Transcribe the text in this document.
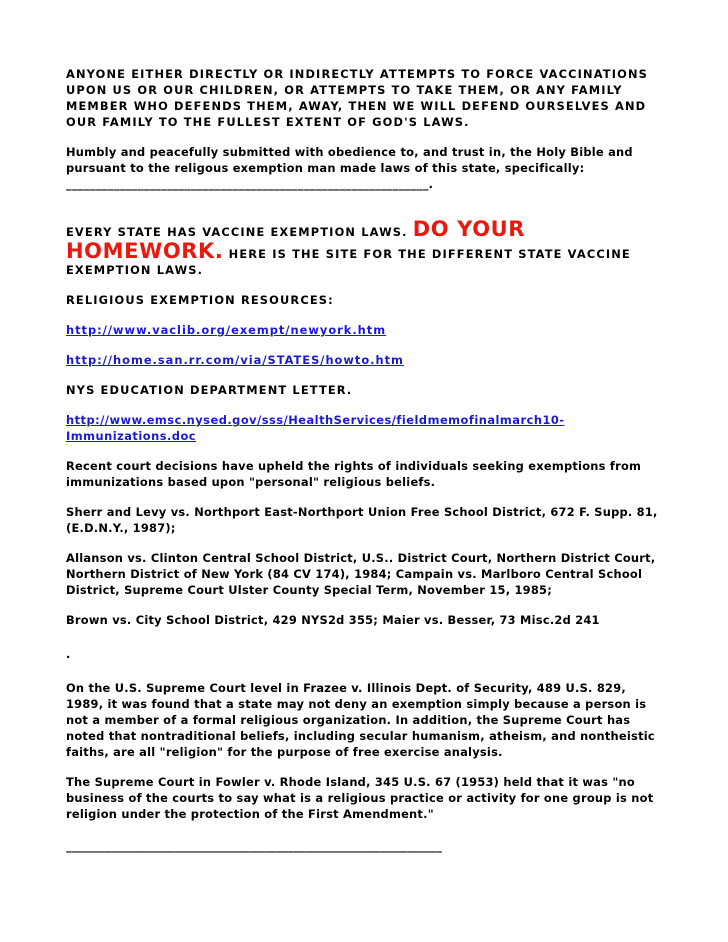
ANYONE EITHER DIRECTLY OR INDIRECTLY ATTEMPTS TO FORCE VACCINATIONS UPON US OR OUR CHILDREN, OR ATTEMPTS TO TAKE THEM, OR ANY FAMILY MEMBER WHO DEFENDS THEM, AWAY, THEN WE WILL DEFEND OURSELVES AND OUR FAMILY TO THE FULLEST EXTENT OF GOD'S LAWS.

Humbly and peacefully submitted with obedience to, and trust in, the Holy Bible and pursuant to the religous exemption man made laws of this state, specifically:
_____________________________________________________________.

EVERY STATE HAS VACCINE EXEMPTION LAWS. DO YOUR
HOMEWORK. HERE IS THE SITE FOR THE DIFFERENT STATE VACCINE EXEMPTION LAWS.

RELIGIOUS EXEMPTION RESOURCES:

http://www.vaclib.org/exempt/newyork.htm

http://home.san.rr.com/via/STATES/howto.htm

NYS EDUCATION DEPARTMENT LETTER.

http://www.emsc.nysed.gov/sss/HealthServices/fieldmemofinalmarch10-
Immunizations.doc

Recent court decisions have upheld the rights of individuals seeking exemptions from immunizations based upon "personal" religious beliefs.

Sherr and Levy vs. Northport East-Northport Union Free School District, 672 F. Supp. 81, (E.D.N.Y., 1987);

Allanson vs. Clinton Central School District, U.S.. District Court, Northern District Court, Northern District of New York (84 CV 174), 1984; Campain vs. Marlboro Central School District, Supreme Court Ulster County Special Term, November 15, 1985;

Brown vs. City School District, 429 NYS2d 355; Maier vs. Besser, 73 Misc.2d 241

.

On the U.S. Supreme Court level in Frazee v. Illinois Dept. of Security, 489 U.S. 829, 1989, it was found that a state may not deny an exemption simply because a person is not a member of a formal religious organization. In addition, the Supreme Court has noted that nontraditional beliefs, including secular humanism, atheism, and nontheistic faiths, are all "religion" for the purpose of free exercise analysis.

The Supreme Court in Fowler v. Rhode Island, 345 U.S. 67 (1953) held that it was "no business of the courts to say what is a religious practice or activity for one group is not religion under the protection of the First Amendment."

__________________________________________________________________
